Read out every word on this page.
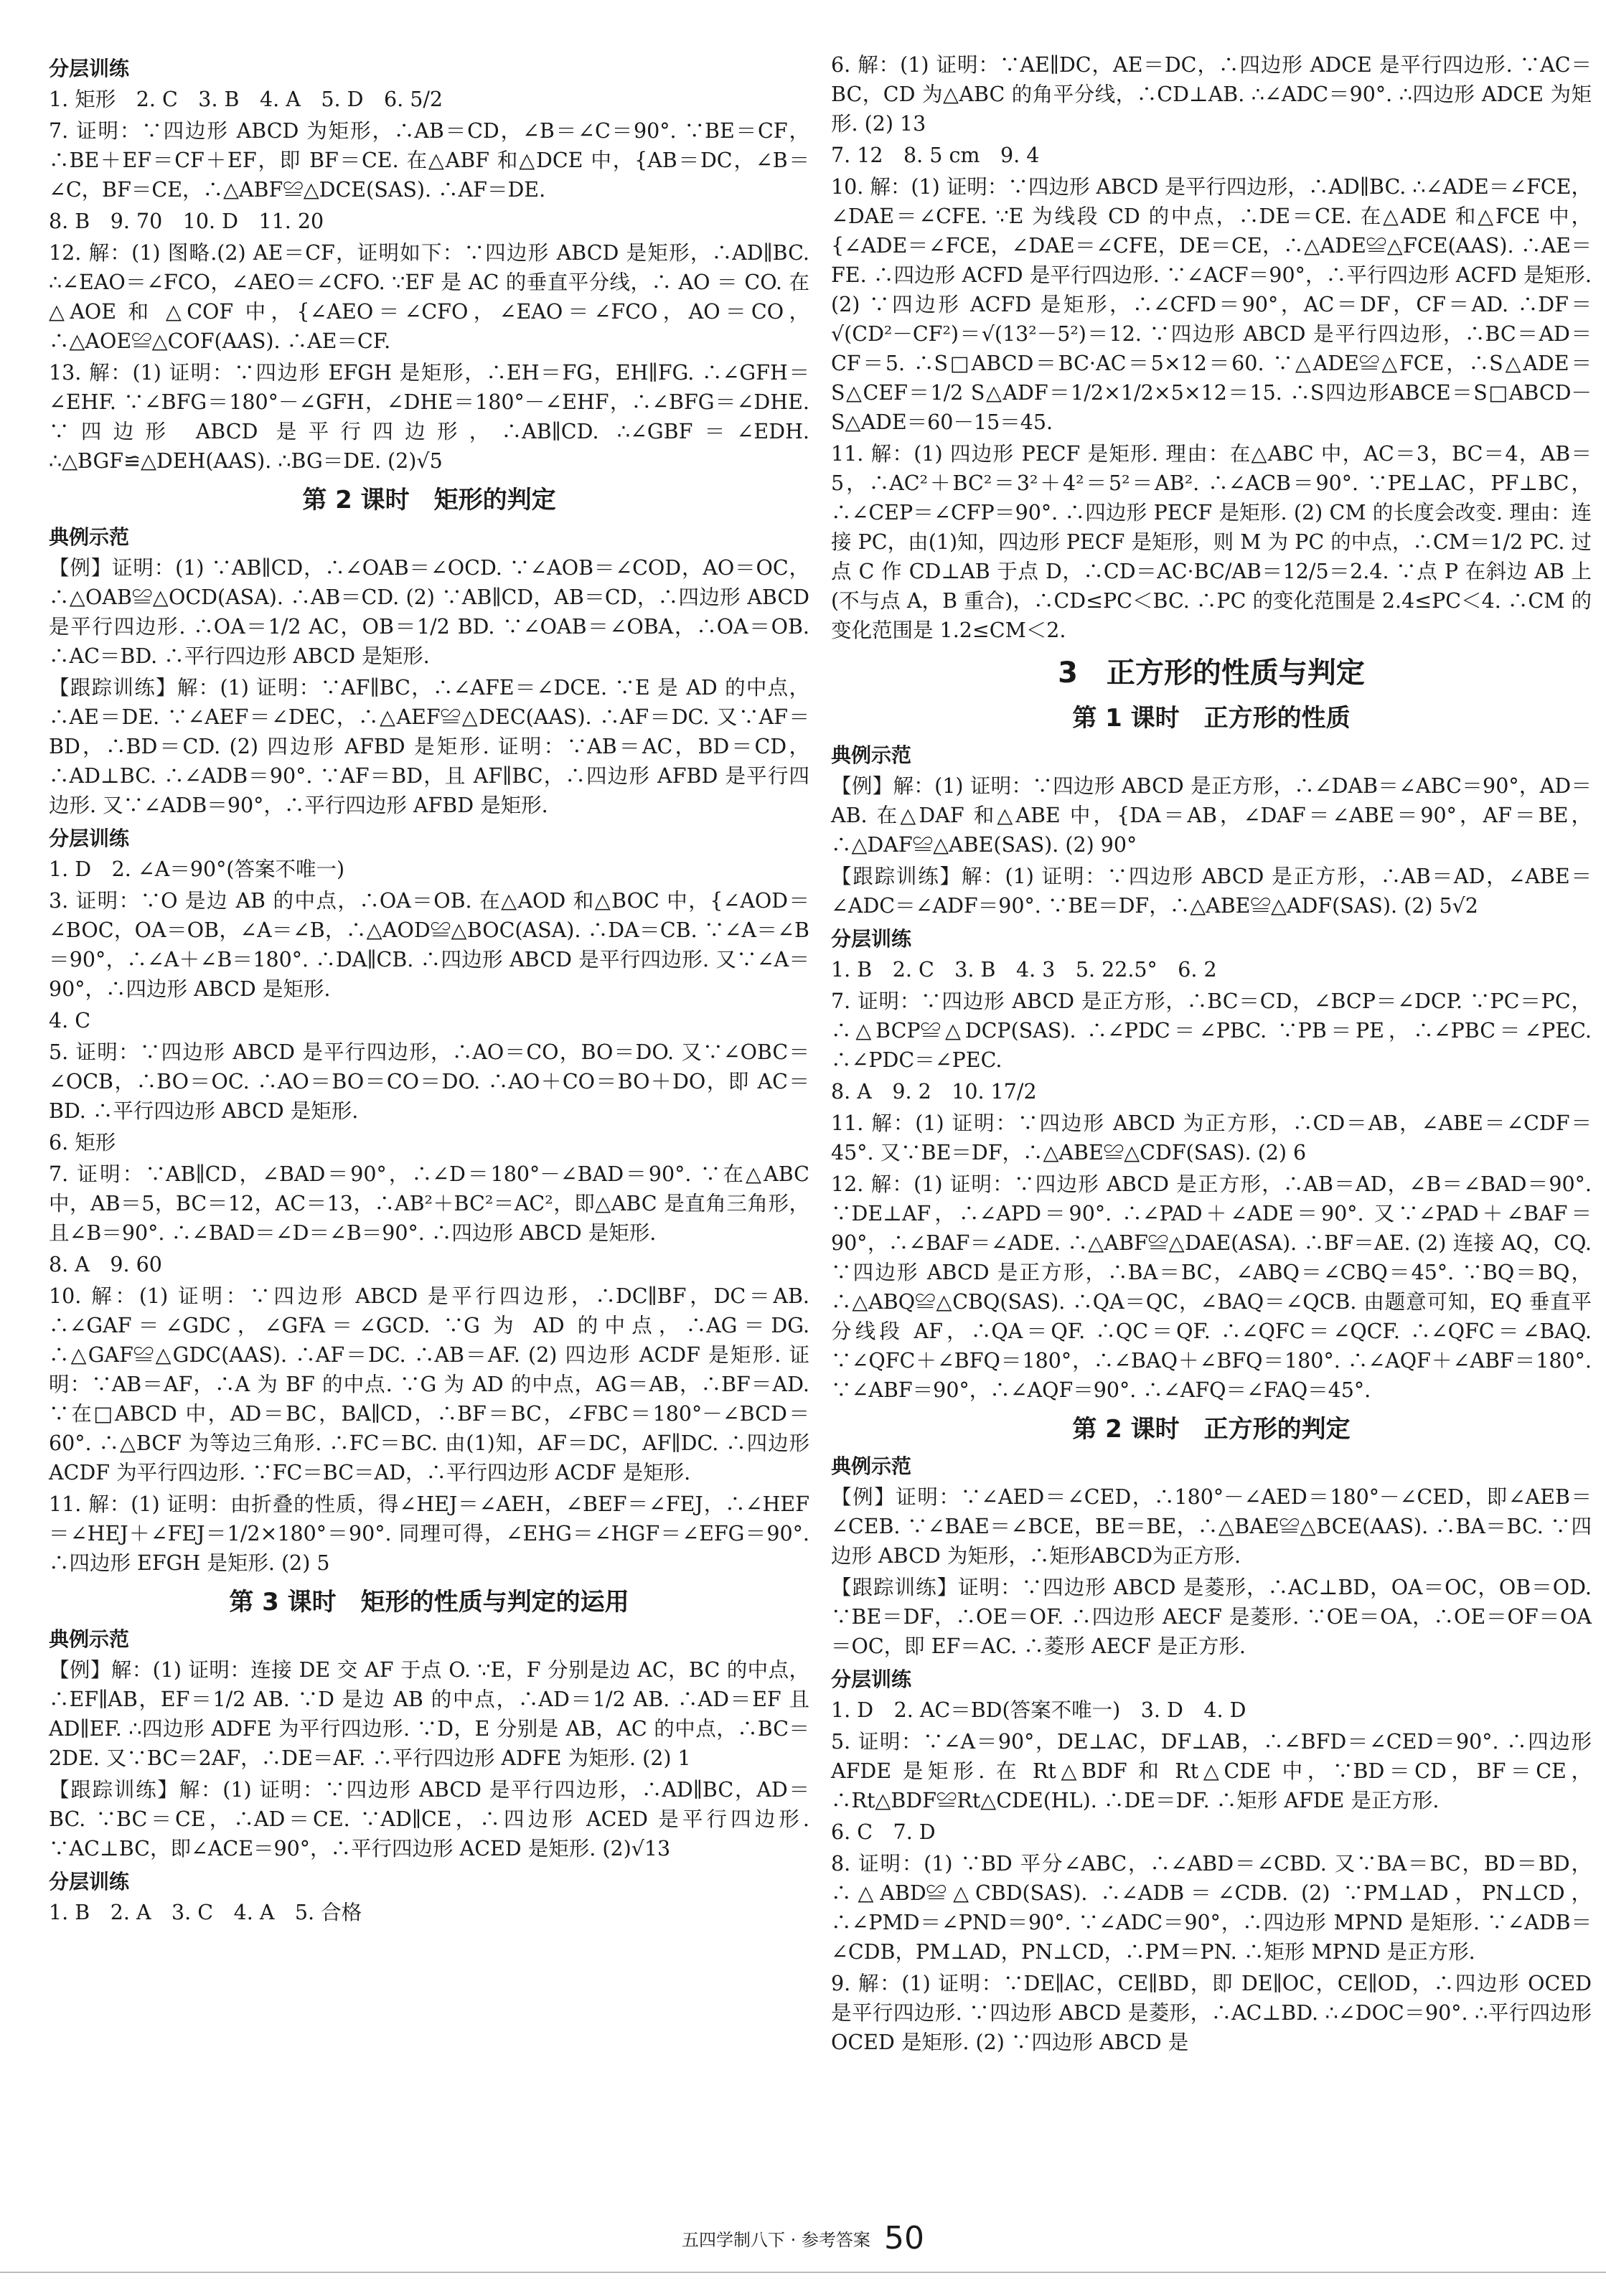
分层训练
1. 矩形　2. C　3. B　4. A　5. D　6. 5/2
7. 证明：∵四边形 ABCD 为矩形，∴AB＝CD，∠B＝∠C＝90°. ∵BE＝CF，∴BE＋EF＝CF＋EF，即 BF＝CE. 在△ABF 和△DCE 中，{AB＝DC，∠B＝∠C，BF＝CE，∴△ABF≌△DCE(SAS). ∴AF＝DE.
8. B　9. 70　10. D　11. 20
12. 解：(1) 图略.(2) AE＝CF，证明如下：∵四边形 ABCD 是矩形，∴AD∥BC. ∴∠EAO＝∠FCO，∠AEO＝∠CFO. ∵EF 是 AC 的垂直平分线，∴ AO ＝ CO. 在 △AOE 和 △COF 中，{∠AEO＝∠CFO，∠EAO＝∠FCO，AO＝CO，∴△AOE≌△COF(AAS). ∴AE＝CF.
13. 解：(1) 证明：∵四边形 EFGH 是矩形，∴EH＝FG，EH∥FG. ∴∠GFH＝∠EHF. ∵∠BFG＝180°－∠GFH，∠DHE＝180°－∠EHF，∴∠BFG＝∠DHE. ∵四边形 ABCD 是平行四边形，∴AB∥CD. ∴∠GBF＝∠EDH. ∴△BGF≌△DEH(AAS). ∴BG＝DE. (2)√5
第 2 课时　矩形的判定
典例示范
【例】证明：(1) ∵AB∥CD，∴∠OAB＝∠OCD. ∵∠AOB＝∠COD，AO＝OC，∴△OAB≌△OCD(ASA). ∴AB＝CD. (2) ∵AB∥CD，AB＝CD，∴四边形 ABCD 是平行四边形. ∴OA＝1/2 AC，OB＝1/2 BD. ∵∠OAB＝∠OBA，∴OA＝OB. ∴AC＝BD. ∴平行四边形 ABCD 是矩形.
【跟踪训练】解：(1) 证明：∵AF∥BC，∴∠AFE＝∠DCE. ∵E 是 AD 的中点，∴AE＝DE. ∵∠AEF＝∠DEC，∴△AEF≌△DEC(AAS). ∴AF＝DC. 又∵AF＝BD，∴BD＝CD. (2) 四边形 AFBD 是矩形. 证明：∵AB＝AC，BD＝CD，∴AD⊥BC. ∴∠ADB＝90°. ∵AF＝BD，且 AF∥BC，∴四边形 AFBD 是平行四边形. 又∵∠ADB＝90°，∴平行四边形 AFBD 是矩形.
分层训练
1. D　2. ∠A＝90°(答案不唯一)
3. 证明：∵O 是边 AB 的中点，∴OA＝OB. 在△AOD 和△BOC 中，{∠AOD＝∠BOC，OA＝OB，∠A＝∠B，∴△AOD≌△BOC(ASA). ∴DA＝CB. ∵∠A＝∠B＝90°，∴∠A＋∠B＝180°. ∴DA∥CB. ∴四边形 ABCD 是平行四边形. 又∵∠A＝90°，∴四边形 ABCD 是矩形.
4. C
5. 证明：∵四边形 ABCD 是平行四边形，∴AO＝CO，BO＝DO. 又∵∠OBC＝∠OCB，∴BO＝OC. ∴AO＝BO＝CO＝DO. ∴AO＋CO＝BO＋DO，即 AC＝BD. ∴平行四边形 ABCD 是矩形.
6. 矩形
7. 证明：∵AB∥CD，∠BAD＝90°，∴∠D＝180°－∠BAD＝90°. ∵在△ABC 中，AB＝5，BC＝12，AC＝13，∴AB²＋BC²＝AC²，即△ABC 是直角三角形，且∠B＝90°. ∴∠BAD＝∠D＝∠B＝90°. ∴四边形 ABCD 是矩形.
8. A　9. 60
10. 解：(1) 证明：∵四边形 ABCD 是平行四边形，∴DC∥BF，DC＝AB. ∴∠GAF＝∠GDC，∠GFA＝∠GCD. ∵G 为 AD 的中点，∴AG＝DG. ∴△GAF≌△GDC(AAS). ∴AF＝DC. ∴AB＝AF. (2) 四边形 ACDF 是矩形. 证明：∵AB＝AF，∴A 为 BF 的中点. ∵G 为 AD 的中点，AG＝AB，∴BF＝AD. ∵在□ABCD 中，AD＝BC，BA∥CD，∴BF＝BC，∠FBC＝180°－∠BCD＝60°. ∴△BCF 为等边三角形. ∴FC＝BC. 由(1)知，AF＝DC，AF∥DC. ∴四边形 ACDF 为平行四边形. ∵FC＝BC＝AD，∴平行四边形 ACDF 是矩形.
11. 解：(1) 证明：由折叠的性质，得∠HEJ＝∠AEH，∠BEF＝∠FEJ，∴∠HEF＝∠HEJ＋∠FEJ＝1/2×180°＝90°. 同理可得，∠EHG＝∠HGF＝∠EFG＝90°. ∴四边形 EFGH 是矩形. (2) 5
第 3 课时　矩形的性质与判定的运用
典例示范
【例】解：(1) 证明：连接 DE 交 AF 于点 O. ∵E，F 分别是边 AC，BC 的中点，∴EF∥AB，EF＝1/2 AB. ∵D 是边 AB 的中点，∴AD＝1/2 AB. ∴AD＝EF 且 AD∥EF. ∴四边形 ADFE 为平行四边形. ∵D，E 分别是 AB，AC 的中点，∴BC＝2DE. 又∵BC＝2AF，∴DE＝AF. ∴平行四边形 ADFE 为矩形. (2) 1
【跟踪训练】解：(1) 证明：∵四边形 ABCD 是平行四边形，∴AD∥BC，AD＝BC. ∵BC＝CE，∴AD＝CE. ∵AD∥CE，∴四边形 ACED 是平行四边形. ∵AC⊥BC，即∠ACE＝90°，∴平行四边形 ACED 是矩形. (2)√13
分层训练
1. B　2. A　3. C　4. A　5. 合格
6. 解：(1) 证明：∵AE∥DC，AE＝DC，∴四边形 ADCE 是平行四边形. ∵AC＝BC，CD 为△ABC 的角平分线，∴CD⊥AB. ∴∠ADC＝90°. ∴四边形 ADCE 为矩形. (2) 13
7. 12　8. 5 cm　9. 4
10. 解：(1) 证明：∵四边形 ABCD 是平行四边形，∴AD∥BC. ∴∠ADE＝∠FCE，∠DAE＝∠CFE. ∵E 为线段 CD 的中点，∴DE＝CE. 在△ADE 和△FCE 中，{∠ADE＝∠FCE，∠DAE＝∠CFE，DE＝CE，∴△ADE≌△FCE(AAS). ∴AE＝FE. ∴四边形 ACFD 是平行四边形. ∵∠ACF＝90°，∴平行四边形 ACFD 是矩形. (2) ∵四边形 ACFD 是矩形，∴∠CFD＝90°，AC＝DF，CF＝AD. ∴DF＝√(CD²－CF²)＝√(13²－5²)＝12. ∵四边形 ABCD 是平行四边形，∴BC＝AD＝CF＝5. ∴S□ABCD＝BC·AC＝5×12＝60. ∵△ADE≌△FCE，∴S△ADE＝S△CEF＝1/2 S△ADF＝1/2×1/2×5×12＝15. ∴S四边形ABCE＝S□ABCD－S△ADE＝60－15＝45.
11. 解：(1) 四边形 PECF 是矩形. 理由：在△ABC 中，AC＝3，BC＝4，AB＝5，∴AC²＋BC²＝3²＋4²＝5²＝AB². ∴∠ACB＝90°. ∵PE⊥AC，PF⊥BC，∴∠CEP＝∠CFP＝90°. ∴四边形 PECF 是矩形. (2) CM 的长度会改变. 理由：连接 PC，由(1)知，四边形 PECF 是矩形，则 M 为 PC 的中点，∴CM＝1/2 PC. 过点 C 作 CD⊥AB 于点 D，∴CD＝AC·BC/AB＝12/5＝2.4. ∵点 P 在斜边 AB 上(不与点 A，B 重合)，∴CD≤PC＜BC. ∴PC 的变化范围是 2.4≤PC＜4. ∴CM 的变化范围是 1.2≤CM＜2.
3　正方形的性质与判定
第 1 课时　正方形的性质
典例示范
【例】解：(1) 证明：∵四边形 ABCD 是正方形，∴∠DAB＝∠ABC＝90°，AD＝AB. 在△DAF 和△ABE 中，{DA＝AB，∠DAF＝∠ABE＝90°，AF＝BE，∴△DAF≌△ABE(SAS). (2) 90°
【跟踪训练】解：(1) 证明：∵四边形 ABCD 是正方形，∴AB＝AD，∠ABE＝∠ADC＝∠ADF＝90°. ∵BE＝DF，∴△ABE≌△ADF(SAS). (2) 5√2
分层训练
1. B　2. C　3. B　4. 3　5. 22.5°　6. 2
7. 证明：∵四边形 ABCD 是正方形，∴BC＝CD，∠BCP＝∠DCP. ∵PC＝PC，∴△BCP≌△DCP(SAS). ∴∠PDC＝∠PBC. ∵PB＝PE，∴∠PBC＝∠PEC. ∴∠PDC＝∠PEC.
8. A　9. 2　10. 17/2
11. 解：(1) 证明：∵四边形 ABCD 为正方形，∴CD＝AB，∠ABE＝∠CDF＝45°. 又∵BE＝DF，∴△ABE≌△CDF(SAS). (2) 6
12. 解：(1) 证明：∵四边形 ABCD 是正方形，∴AB＝AD，∠B＝∠BAD＝90°. ∵DE⊥AF，∴∠APD＝90°. ∴∠PAD＋∠ADE＝90°. 又∵∠PAD＋∠BAF＝90°，∴∠BAF＝∠ADE. ∴△ABF≌△DAE(ASA). ∴BF＝AE. (2) 连接 AQ，CQ. ∵四边形 ABCD 是正方形，∴BA＝BC，∠ABQ＝∠CBQ＝45°. ∵BQ＝BQ，∴△ABQ≌△CBQ(SAS). ∴QA＝QC，∠BAQ＝∠QCB. 由题意可知，EQ 垂直平分线段 AF，∴QA＝QF. ∴QC＝QF. ∴∠QFC＝∠QCF. ∴∠QFC＝∠BAQ. ∵∠QFC＋∠BFQ＝180°，∴∠BAQ＋∠BFQ＝180°. ∴∠AQF＋∠ABF＝180°. ∵∠ABF＝90°，∴∠AQF＝90°. ∴∠AFQ＝∠FAQ＝45°.
第 2 课时　正方形的判定
典例示范
【例】证明：∵∠AED＝∠CED，∴180°－∠AED＝180°－∠CED，即∠AEB＝∠CEB. ∵∠BAE＝∠BCE，BE＝BE，∴△BAE≌△BCE(AAS). ∴BA＝BC. ∵四边形 ABCD 为矩形，∴矩形ABCD为正方形.
【跟踪训练】证明：∵四边形 ABCD 是菱形，∴AC⊥BD，OA＝OC，OB＝OD. ∵BE＝DF，∴OE＝OF. ∴四边形 AECF 是菱形. ∵OE＝OA，∴OE＝OF＝OA＝OC，即 EF＝AC. ∴菱形 AECF 是正方形.
分层训练
1. D　2. AC＝BD(答案不唯一)　3. D　4. D
5. 证明：∵∠A＝90°，DE⊥AC，DF⊥AB，∴∠BFD＝∠CED＝90°. ∴四边形 AFDE 是矩形. 在 Rt△BDF 和 Rt△CDE 中，∵BD＝CD，BF＝CE，∴Rt△BDF≌Rt△CDE(HL). ∴DE＝DF. ∴矩形 AFDE 是正方形.
6. C　7. D
8. 证明：(1) ∵BD 平分∠ABC，∴∠ABD＝∠CBD. 又∵BA＝BC，BD＝BD，∴△ABD≌△CBD(SAS). ∴∠ADB＝∠CDB. (2) ∵PM⊥AD，PN⊥CD，∴∠PMD＝∠PND＝90°. ∵∠ADC＝90°，∴四边形 MPND 是矩形. ∵∠ADB＝∠CDB，PM⊥AD，PN⊥CD，∴PM＝PN. ∴矩形 MPND 是正方形.
9. 解：(1) 证明：∵DE∥AC，CE∥BD，即 DE∥OC，CE∥OD，∴四边形 OCED 是平行四边形. ∵四边形 ABCD 是菱形，∴AC⊥BD. ∴∠DOC＝90°. ∴平行四边形 OCED 是矩形. (2) ∵四边形 ABCD 是
五四学制八下 · 参考答案 50
